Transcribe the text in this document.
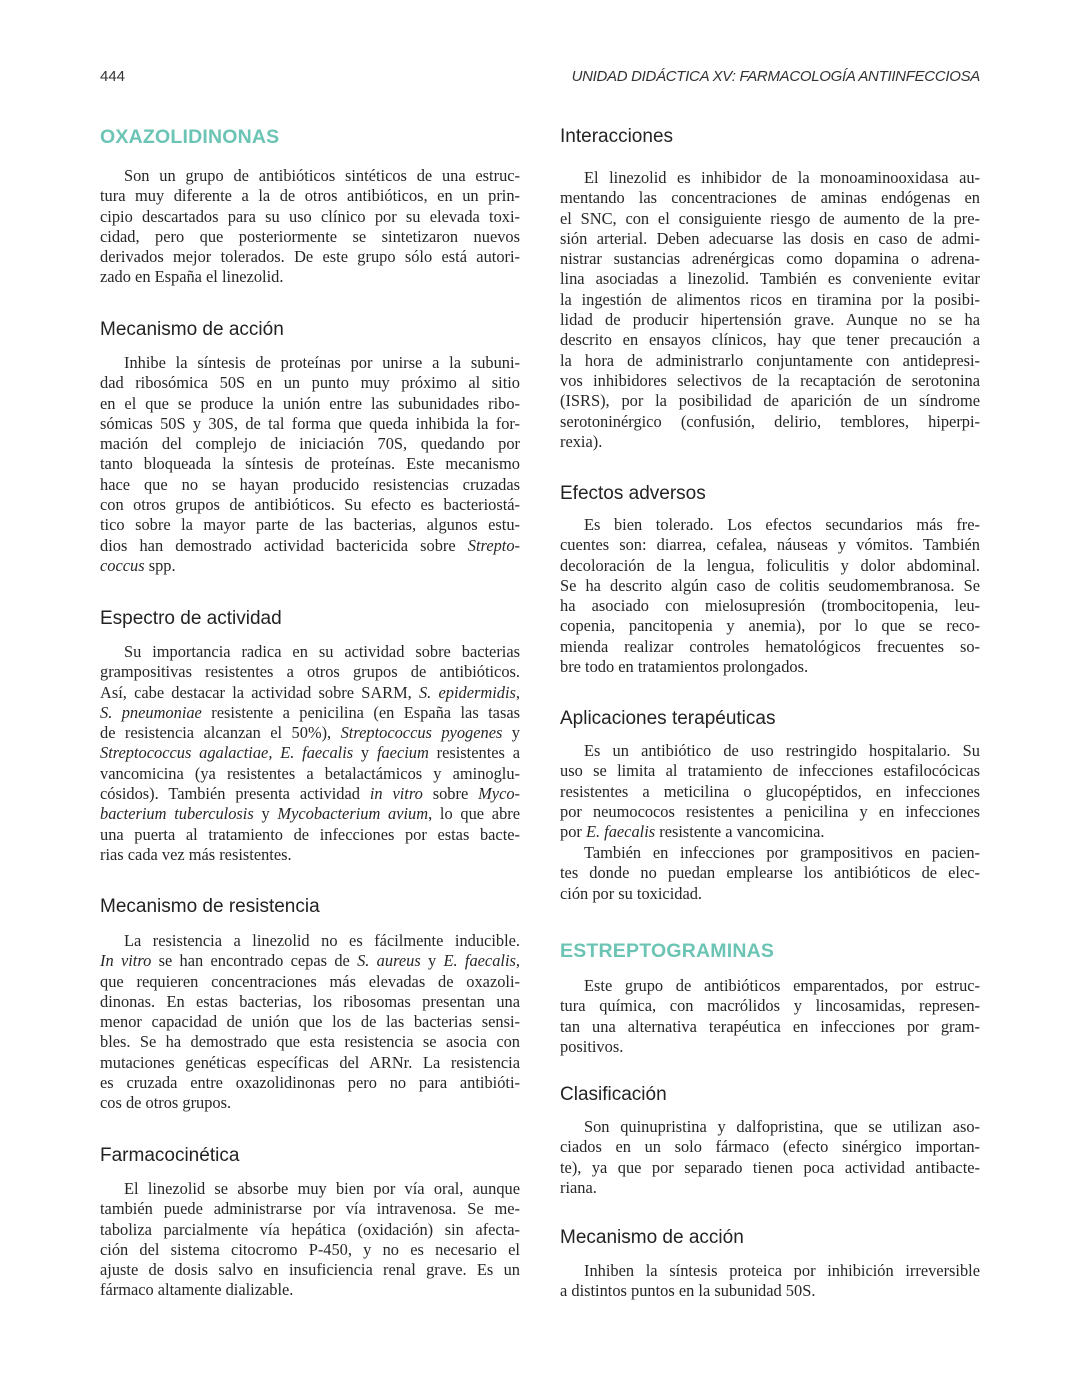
444	UNIDAD DIDÁCTICA XV: FARMACOLOGÍA ANTIINFECCIOSA
OXAZOLIDINONAS
Son un grupo de antibióticos sintéticos de una estruc-
tura muy diferente a la de otros antibióticos, en un prin-
cipio descartados para su uso clínico por su elevada toxi-
cidad, pero que posteriormente se sintetizaron nuevos
derivados mejor tolerados. De este grupo sólo está autori-
zado en España el linezolid.
Mecanismo de acción
Inhibe la síntesis de proteínas por unirse a la subuni-
dad ribosómica 50S en un punto muy próximo al sitio
en el que se produce la unión entre las subunidades ribo-
sómicas 50S y 30S, de tal forma que queda inhibida la for-
mación del complejo de iniciación 70S, quedando por
tanto bloqueada la síntesis de proteínas. Este mecanismo
hace que no se hayan producido resistencias cruzadas
con otros grupos de antibióticos. Su efecto es bacteriostá-
tico sobre la mayor parte de las bacterias, algunos estu-
dios han demostrado actividad bactericida sobre Strepto-
coccus spp.
Espectro de actividad
Su importancia radica en su actividad sobre bacterias
grampositivas resistentes a otros grupos de antibióticos.
Así, cabe destacar la actividad sobre SARM, S. epidermidis,
S. pneumoniae resistente a penicilina (en España las tasas
de resistencia alcanzan el 50%), Streptococcus pyogenes y
Streptococcus agalactiae, E. faecalis y faecium resistentes a
vancomicina (ya resistentes a betalactámicos y aminoglu-
cósidos). También presenta actividad in vitro sobre Myco-
bacterium tuberculosis y Mycobacterium avium, lo que abre
una puerta al tratamiento de infecciones por estas bacte-
rias cada vez más resistentes.
Mecanismo de resistencia
La resistencia a linezolid no es fácilmente inducible.
In vitro se han encontrado cepas de S. aureus y E. faecalis,
que requieren concentraciones más elevadas de oxazoli-
dinonas. En estas bacterias, los ribosomas presentan una
menor capacidad de unión que los de las bacterias sensi-
bles. Se ha demostrado que esta resistencia se asocia con
mutaciones genéticas específicas del ARNr. La resistencia
es cruzada entre oxazolidinonas pero no para antibióti-
cos de otros grupos.
Farmacocinética
El linezolid se absorbe muy bien por vía oral, aunque
también puede administrarse por vía intravenosa. Se me-
taboliza parcialmente vía hepática (oxidación) sin afecta-
ción del sistema citocromo P-450, y no es necesario el
ajuste de dosis salvo en insuficiencia renal grave. Es un
fármaco altamente dializable.
Interacciones
El linezolid es inhibidor de la monoaminooxidasa au-
mentando las concentraciones de aminas endógenas en
el SNC, con el consiguiente riesgo de aumento de la pre-
sión arterial. Deben adecuarse las dosis en caso de admi-
nistrar sustancias adrenérgicas como dopamina o adrena-
lina asociadas a linezolid. También es conveniente evitar
la ingestión de alimentos ricos en tiramina por la posibi-
lidad de producir hipertensión grave. Aunque no se ha
descrito en ensayos clínicos, hay que tener precaución a
la hora de administrarlo conjuntamente con antidepresi-
vos inhibidores selectivos de la recaptación de serotonina
(ISRS), por la posibilidad de aparición de un síndrome
serotoninérgico (confusión, delirio, temblores, hiperpi-
rexia).
Efectos adversos
Es bien tolerado. Los efectos secundarios más fre-
cuentes son: diarrea, cefalea, náuseas y vómitos. También
decoloración de la lengua, foliculitis y dolor abdominal.
Se ha descrito algún caso de colitis seudomembranosa. Se
ha asociado con mielosupresión (trombocitopenia, leu-
copenia, pancitopenia y anemia), por lo que se reco-
mienda realizar controles hematológicos frecuentes so-
bre todo en tratamientos prolongados.
Aplicaciones terapéuticas
Es un antibiótico de uso restringido hospitalario. Su
uso se limita al tratamiento de infecciones estafilocócicas
resistentes a meticilina o glucopéptidos, en infecciones
por neumococos resistentes a penicilina y en infecciones
por E. faecalis resistente a vancomicina.
También en infecciones por grampositivos en pacien-
tes donde no puedan emplearse los antibióticos de elec-
ción por su toxicidad.
ESTREPTOGRAMINAS
Este grupo de antibióticos emparentados, por estruc-
tura química, con macrólidos y lincosamidas, represen-
tan una alternativa terapéutica en infecciones por gram-
positivos.
Clasificación
Son quinupristina y dalfopristina, que se utilizan aso-
ciados en un solo fármaco (efecto sinérgico importan-
te), ya que por separado tienen poca actividad antibacte-
riana.
Mecanismo de acción
Inhiben la síntesis proteica por inhibición irreversible
a distintos puntos en la subunidad 50S.
